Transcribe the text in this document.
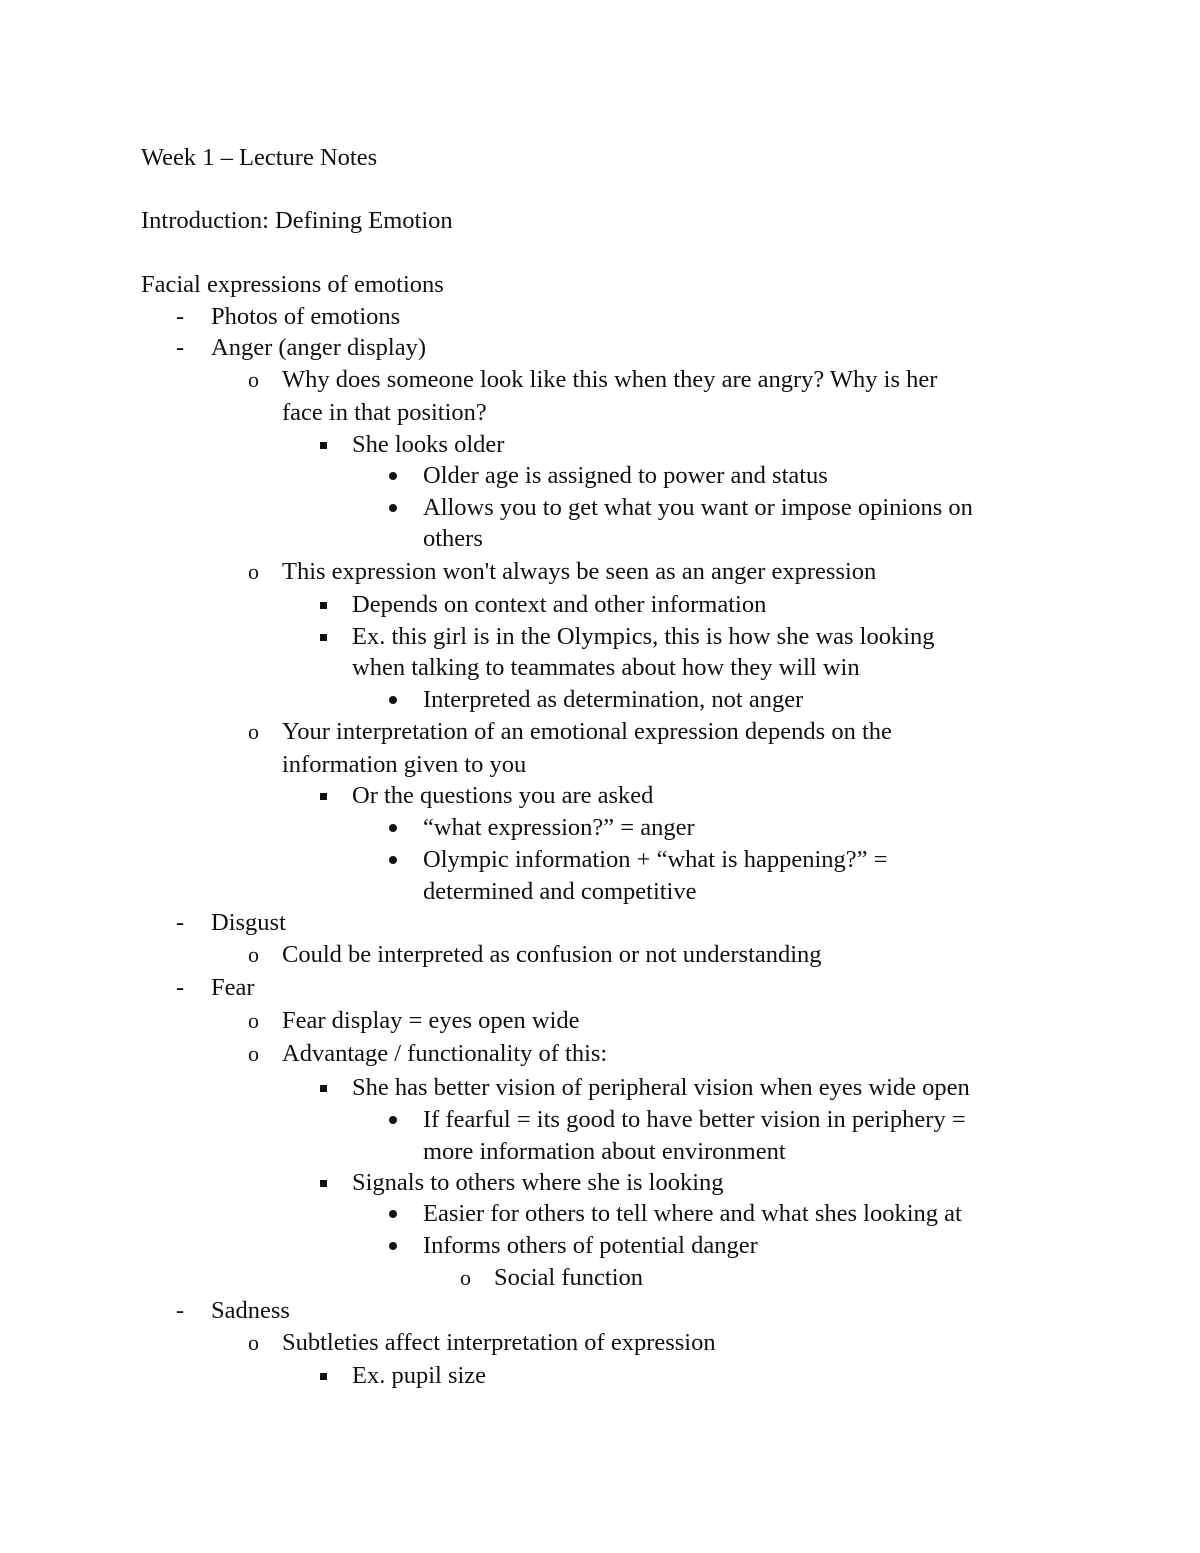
Week 1 – Lecture Notes
Introduction: Defining Emotion
Facial expressions of emotions
- Photos of emotions
- Anger (anger display)
o Why does someone look like this when they are angry? Why is her
face in that position?
She looks older
Older age is assigned to power and status
Allows you to get what you want or impose opinions on
others
o This expression won't always be seen as an anger expression
Depends on context and other information
Ex. this girl is in the Olympics, this is how she was looking
when talking to teammates about how they will win
Interpreted as determination, not anger
o Your interpretation of an emotional expression depends on the
information given to you
Or the questions you are asked
“what expression?” = anger
Olympic information + “what is happening?” =
determined and competitive
- Disgust
o Could be interpreted as confusion or not understanding
- Fear
o Fear display = eyes open wide
o Advantage / functionality of this:
She has better vision of peripheral vision when eyes wide open
If fearful = its good to have better vision in periphery =
more information about environment
Signals to others where she is looking
Easier for others to tell where and what shes looking at
Informs others of potential danger
o Social function
- Sadness
o Subtleties affect interpretation of expression
Ex. pupil size
